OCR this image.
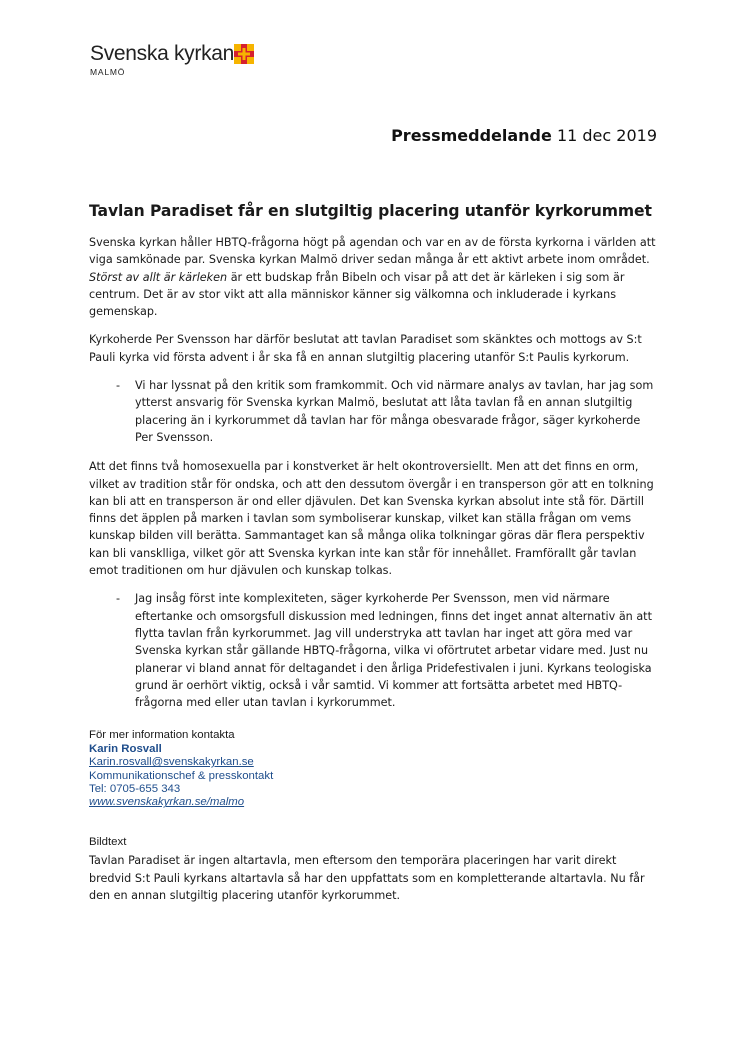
Svenska kyrkan
MALMÖ
Pressmeddelande 11 dec 2019
Tavlan Paradiset får en slutgiltig placering utanför kyrkorummet

Svenska kyrkan håller HBTQ-frågorna högt på agendan och var en av de första kyrkorna i världen att viga samkönade par. Svenska kyrkan Malmö driver sedan många år ett aktivt arbete inom området. Störst av allt är kärleken är ett budskap från Bibeln och visar på att det är kärleken i sig som är centrum. Det är av stor vikt att alla människor känner sig välkomna och inkluderade i kyrkans gemenskap.

Kyrkoherde Per Svensson har därför beslutat att tavlan Paradiset som skänktes och mottogs av S:t Pauli kyrka vid första advent i år ska få en annan slutgiltig placering utanför S:t Paulis kyrkorum.

-	Vi har lyssnat på den kritik som framkommit. Och vid närmare analys av tavlan, har jag som ytterst ansvarig för Svenska kyrkan Malmö, beslutat att låta tavlan få en annan slutgiltig placering än i kyrkorummet då tavlan har för många obesvarade frågor, säger kyrkoherde Per Svensson.

Att det finns två homosexuella par i konstverket är helt okontroversiellt. Men att det finns en orm, vilket av tradition står för ondska, och att den dessutom övergår i en transperson gör att en tolkning kan bli att en transperson är ond eller djävulen. Det kan Svenska kyrkan absolut inte stå för. Därtill finns det äpplen på marken i tavlan som symboliserar kunskap, vilket kan ställa frågan om vems kunskap bilden vill berätta. Sammantaget kan så många olika tolkningar göras där flera perspektiv kan bli vansklliga, vilket gör att Svenska kyrkan inte kan står för innehållet. Framförallt går tavlan emot traditionen om hur djävulen och kunskap tolkas.

-	Jag insåg först inte komplexiteten, säger kyrkoherde Per Svensson, men vid närmare eftertanke och omsorgsfull diskussion med ledningen, finns det inget annat alternativ än att flytta tavlan från kyrkorummet. Jag vill understryka att tavlan har inget att göra med var Svenska kyrkan står gällande HBTQ-frågorna, vilka vi oförtrutet arbetar vidare med. Just nu planerar vi bland annat för deltagandet i den årliga Pridefestivalen i juni. Kyrkans teologiska grund är oerhört viktig, också i vår samtid. Vi kommer att fortsätta arbetet med HBTQ-frågorna med eller utan tavlan i kyrkorummet.
För mer information kontakta
Karin Rosvall
Karin.rosvall@svenskakyrkan.se
Kommunikationschef & presskontakt
Tel: 0705-655 343
www.svenskakyrkan.se/malmo
Bildtext
Tavlan Paradiset är ingen altartavla, men eftersom den temporära placeringen har varit direkt bredvid S:t Pauli kyrkans altartavla så har den uppfattats som en kompletterande altartavla. Nu får den en annan slutgiltig placering utanför kyrkorummet.
